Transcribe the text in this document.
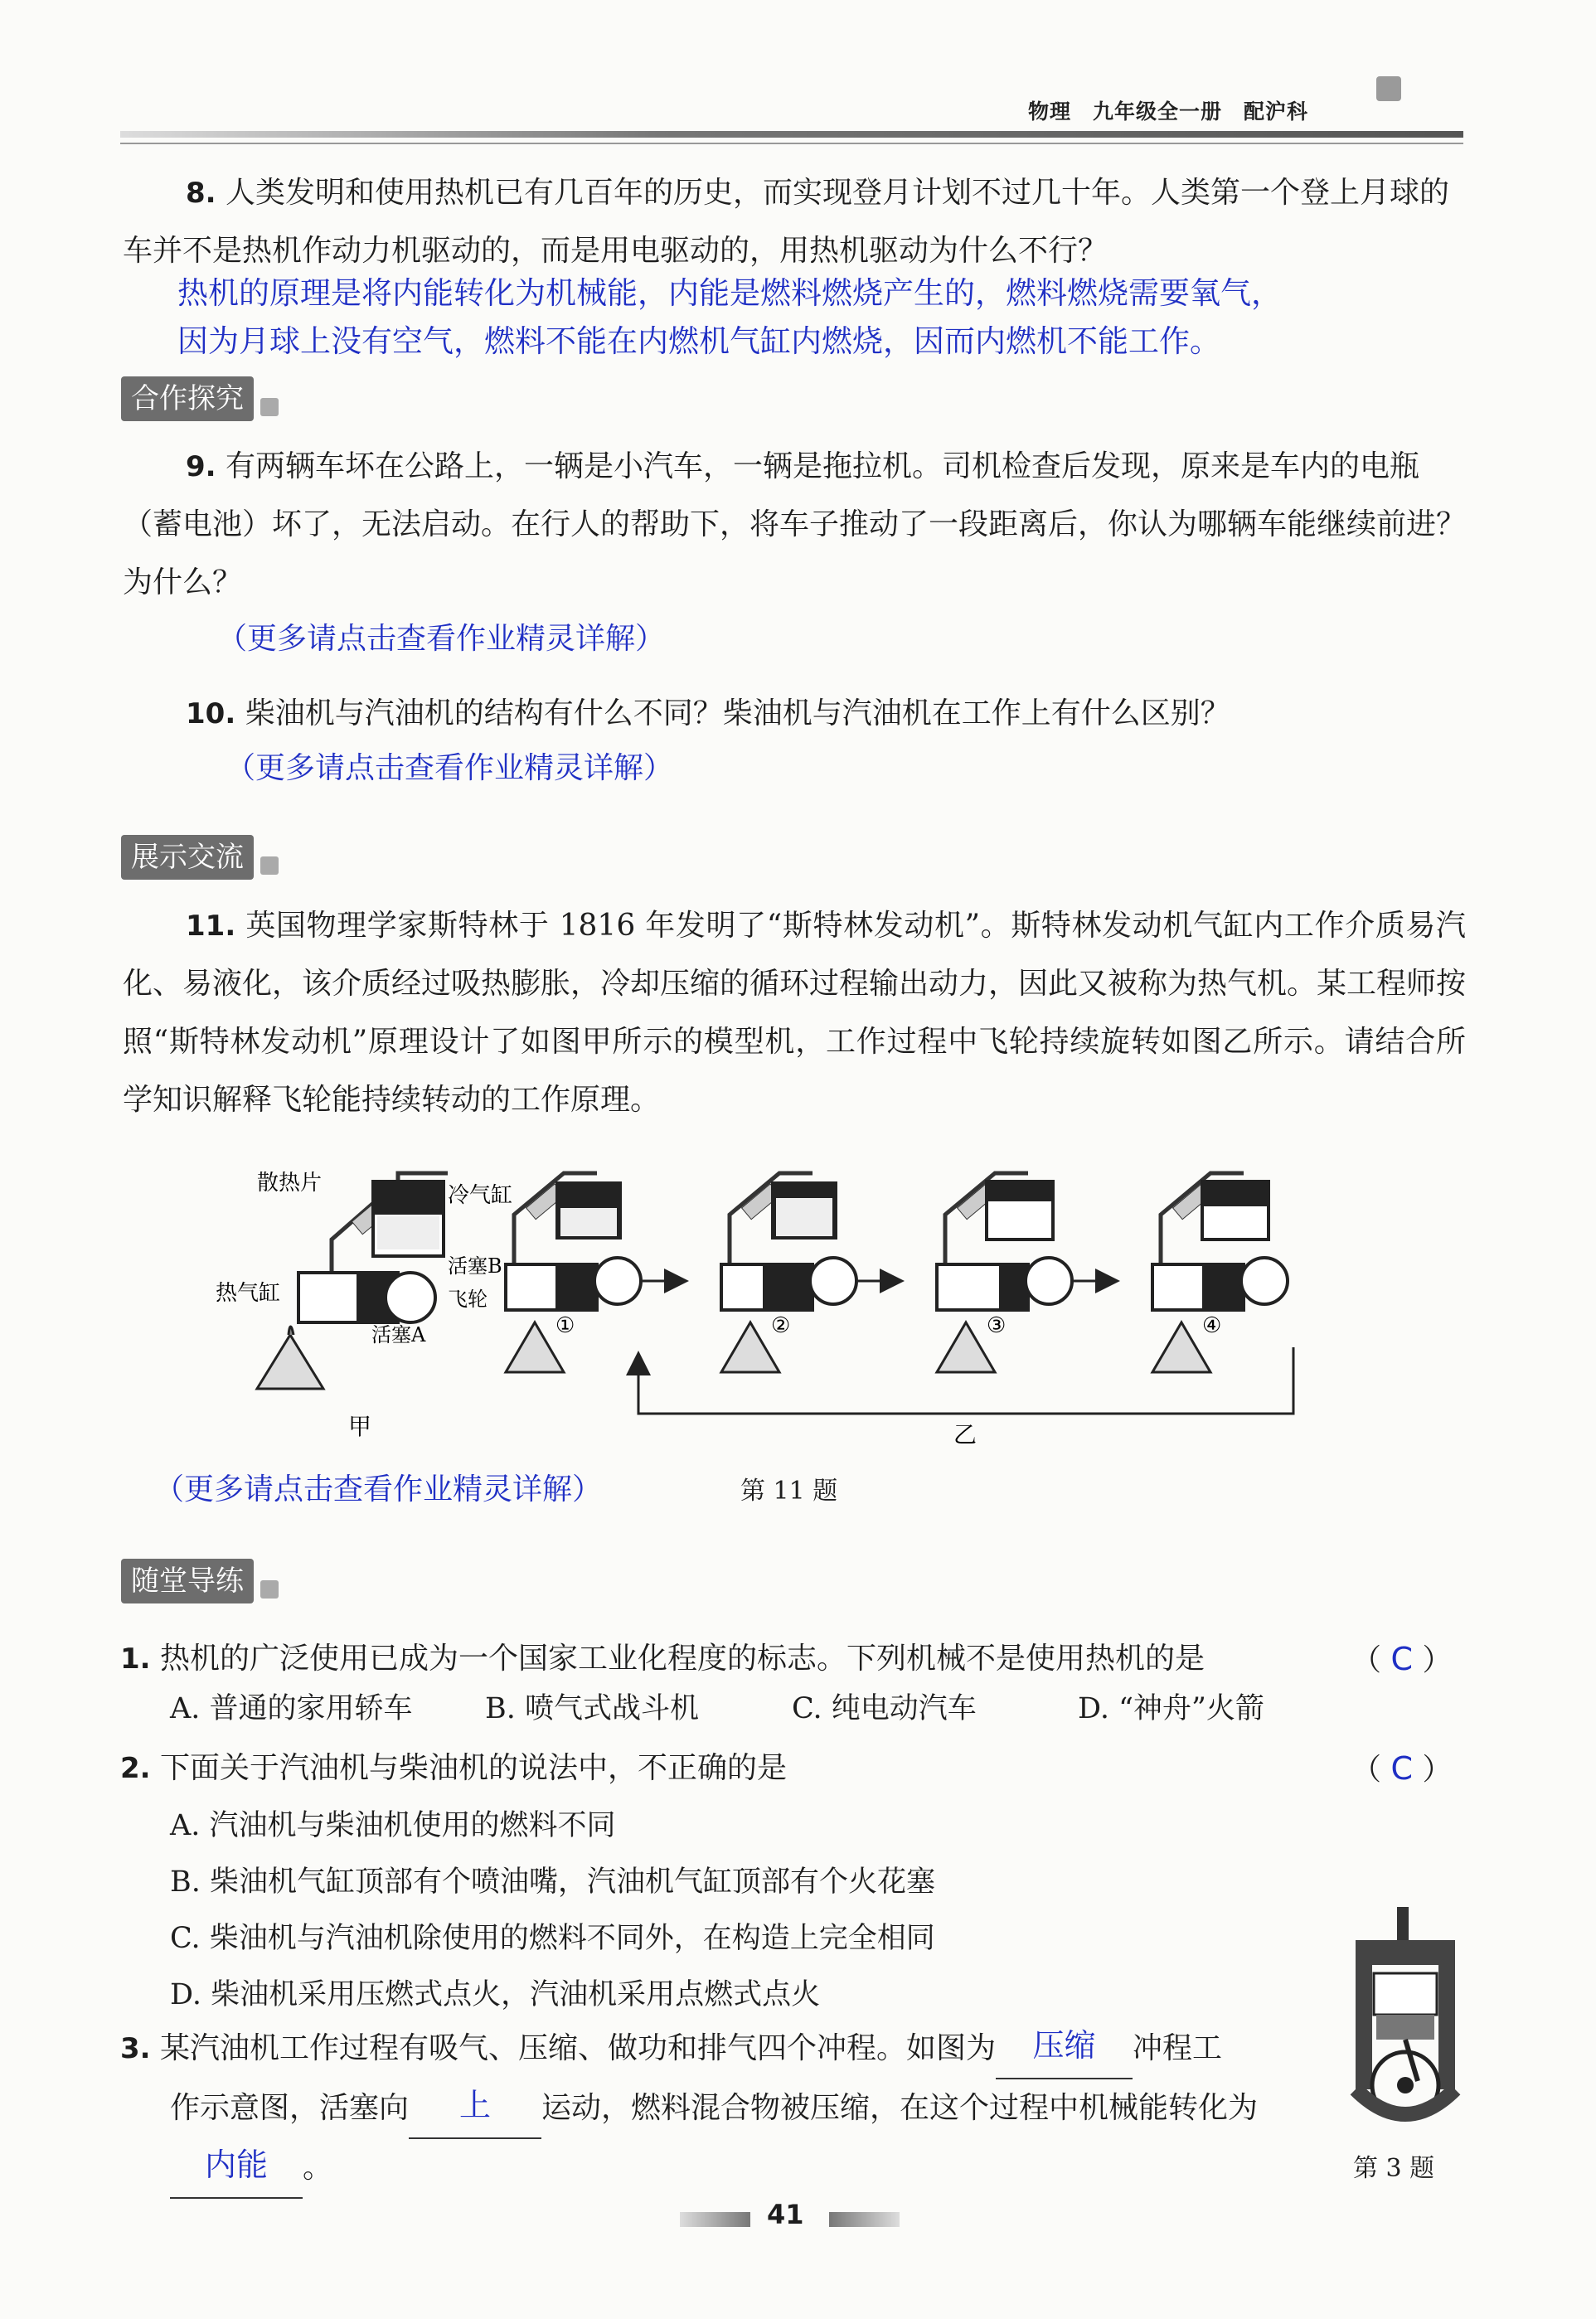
物理　九年级全一册　配沪科

8. 人类发明和使用热机已有几百年的历史，而实现登月计划不过几十年。人类第一个登上月球的车并不是热机作动力机驱动的，而是用电驱动的，用热机驱动为什么不行？

热机的原理是将内能转化为机械能，内能是燃料燃烧产生的，燃料燃烧需要氧气，
因为月球上没有空气，燃料不能在内燃机气缸内燃烧，因而内燃机不能工作。
合作探究

9. 有两辆车坏在公路上，一辆是小汽车，一辆是拖拉机。司机检查后发现，原来是车内的电瓶（蓄电池）坏了，无法启动。在行人的帮助下，将车子推动了一段距离后，你认为哪辆车能继续前进？为什么？

（更多请点击查看作业精灵详解）

10. 柴油机与汽油机的结构有什么不同？柴油机与汽油机在工作上有什么区别？

（更多请点击查看作业精灵详解）
展示交流

11. 英国物理学家斯特林于 1816 年发明了“斯特林发动机”。斯特林发动机气缸内工作介质易汽化、易液化，该介质经过吸热膨胀，冷却压缩的循环过程输出动力，因此又被称为热气机。某工程师按照“斯特林发动机”原理设计了如图甲所示的模型机，工作过程中飞轮持续旋转如图乙所示。请结合所学知识解释飞轮能持续转动的工作原理。

散热片	冷气缸
活塞B
热气缸	飞轮
活塞A
甲
①	②	③	④
乙
（更多请点击查看作业精灵详解）	第 11 题
随堂导练
1. 热机的广泛使用已成为一个国家工业化程度的标志。下列机械不是使用热机的是	（ C ）
A. 普通的家用轿车	B. 喷气式战斗机	C. 纯电动汽车	D. “神舟”火箭
2. 下面关于汽油机与柴油机的说法中，不正确的是	（ C ）
A. 汽油机与柴油机使用的燃料不同
B. 柴油机气缸顶部有个喷油嘴，汽油机气缸顶部有个火花塞
C. 柴油机与汽油机除使用的燃料不同外，在构造上完全相同
D. 柴油机采用压燃式点火，汽油机采用点燃式点火
3. 某汽油机工作过程有吸气、压缩、做功和排气四个冲程。如图为	压缩	冲程工
作示意图，活塞向	上	运动，燃料混合物被压缩，在这个过程中机械能转化为

内能	。	第 3 题
41
